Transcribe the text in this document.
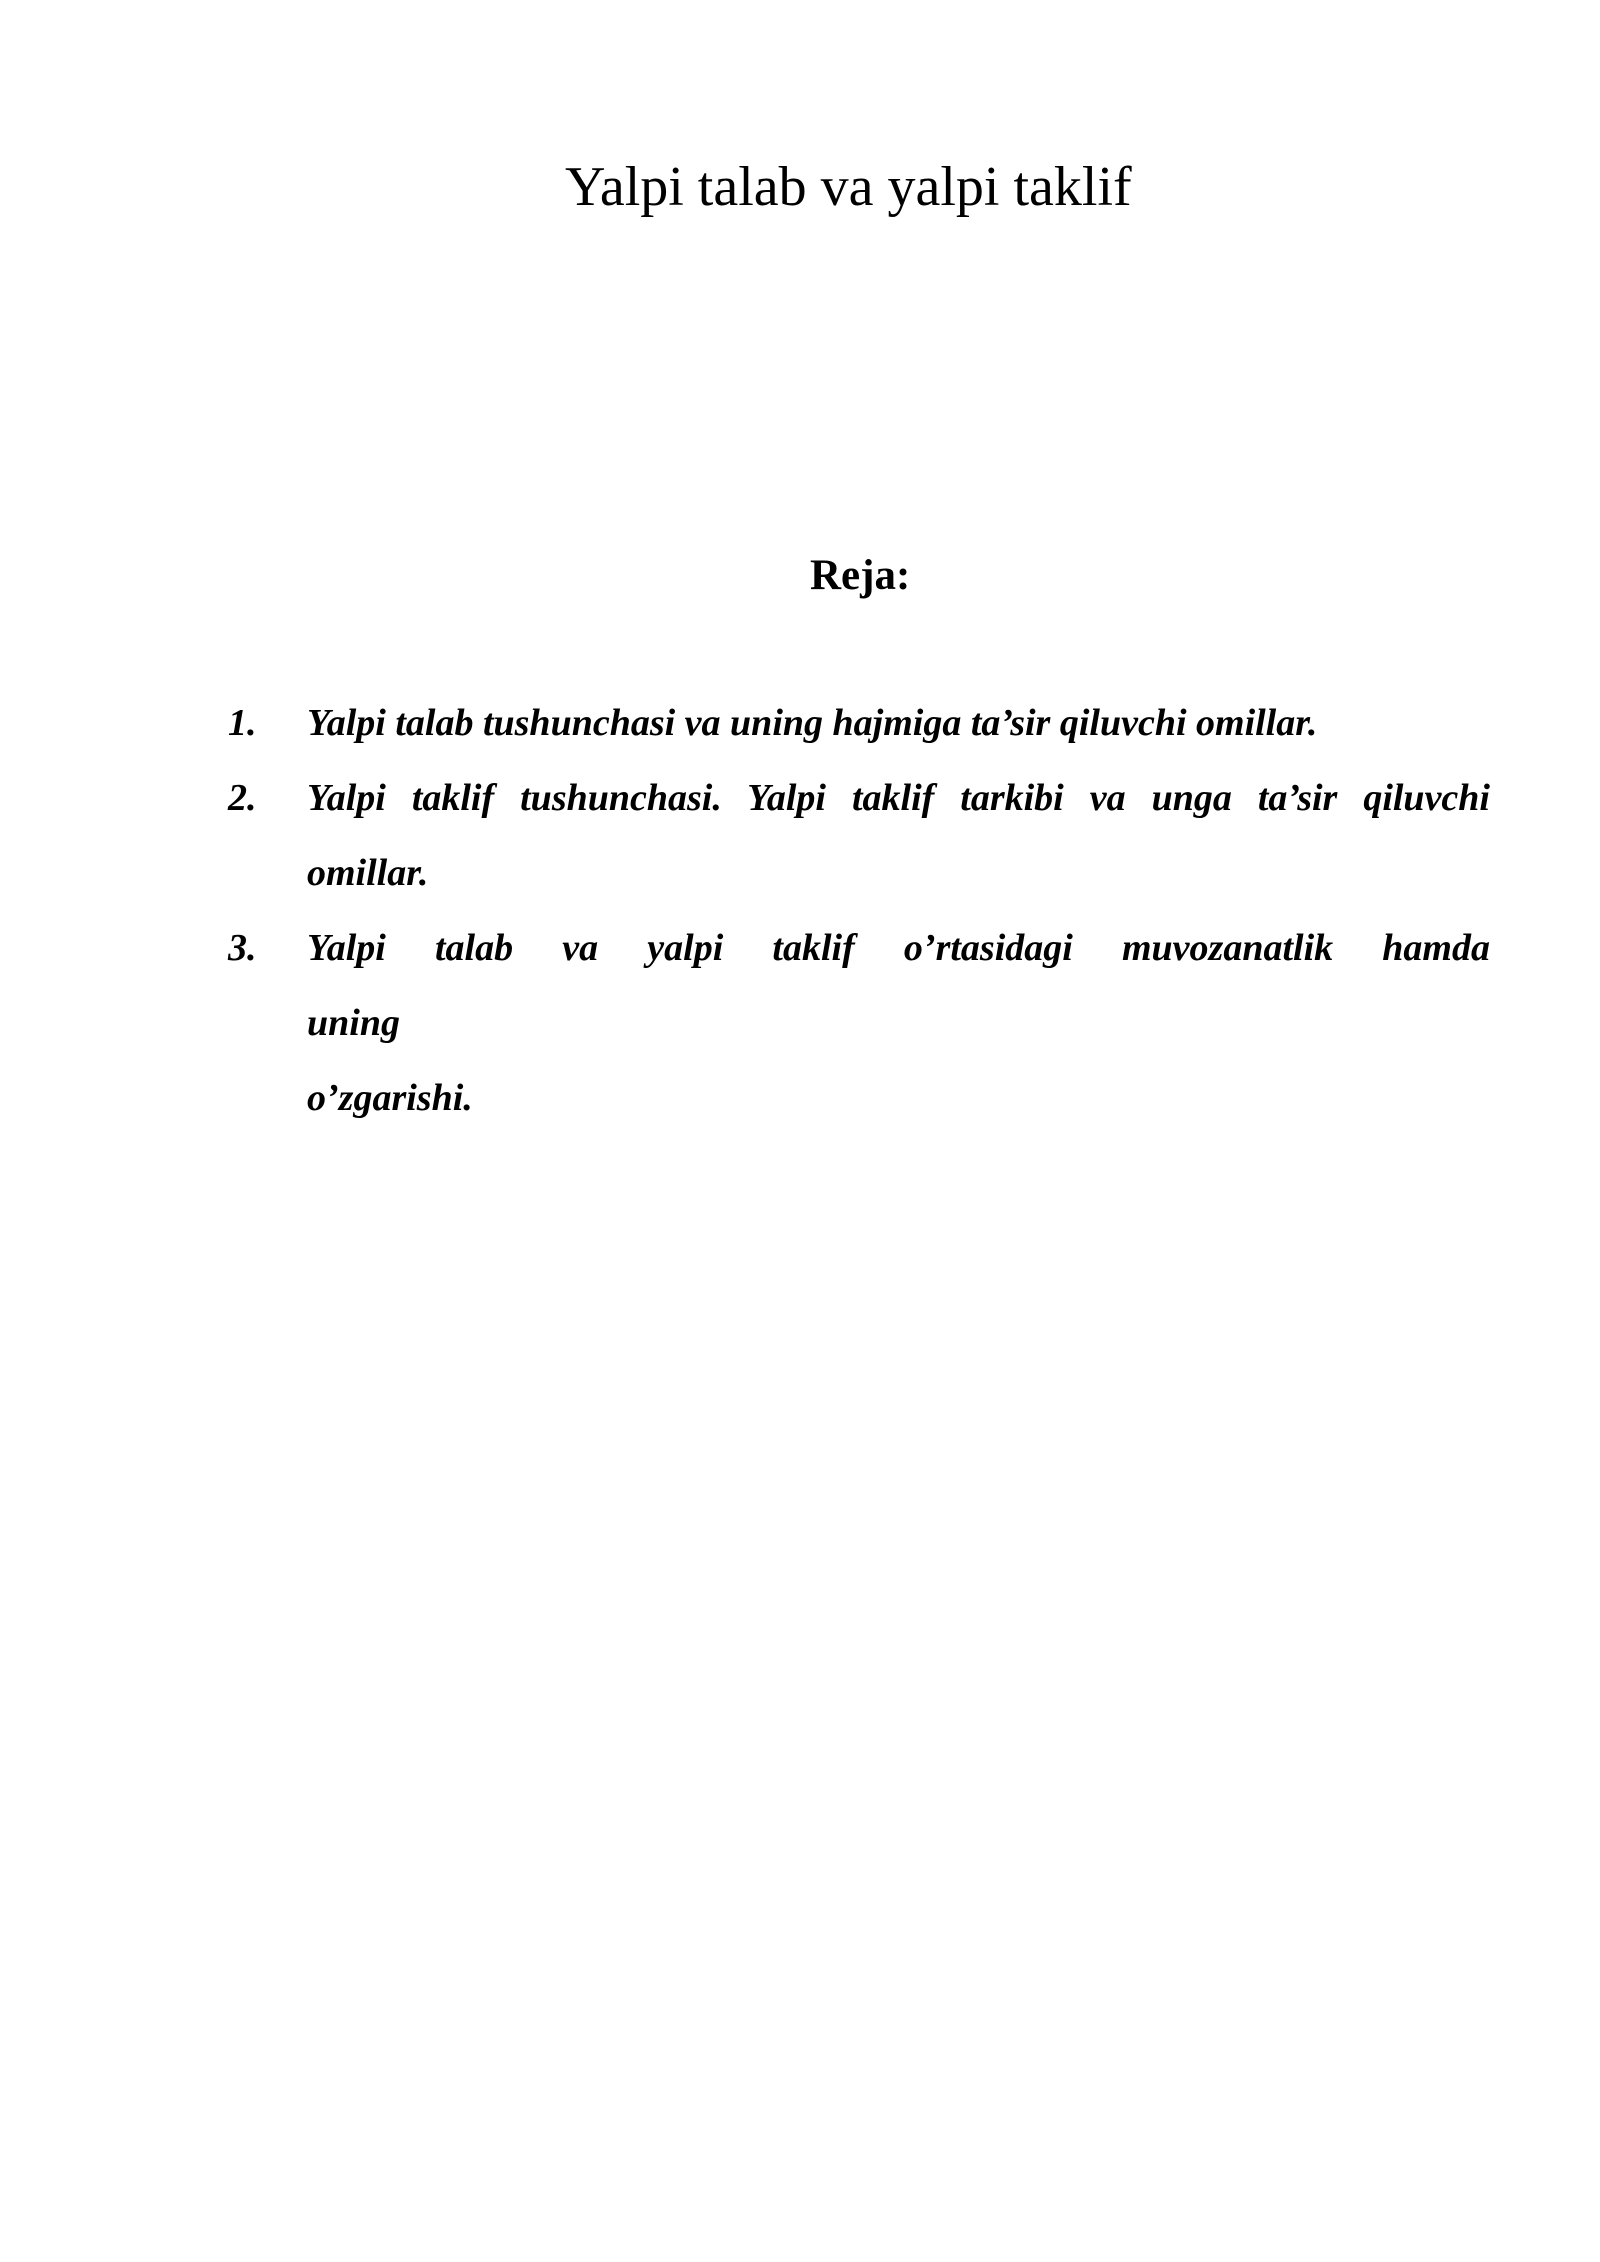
Yalpi talab va yalpi taklif
Reja:
1. Yalpi talab tushunchasi va uning hajmiga ta’sir qiluvchi omillar.
2. Yalpi taklif tushunchasi. Yalpi taklif tarkibi va unga ta’sir qiluvchi
omillar.
3. Yalpi talab va yalpi taklif o’rtasidagi muvozanatlik hamda
uning
o’zgarishi.
